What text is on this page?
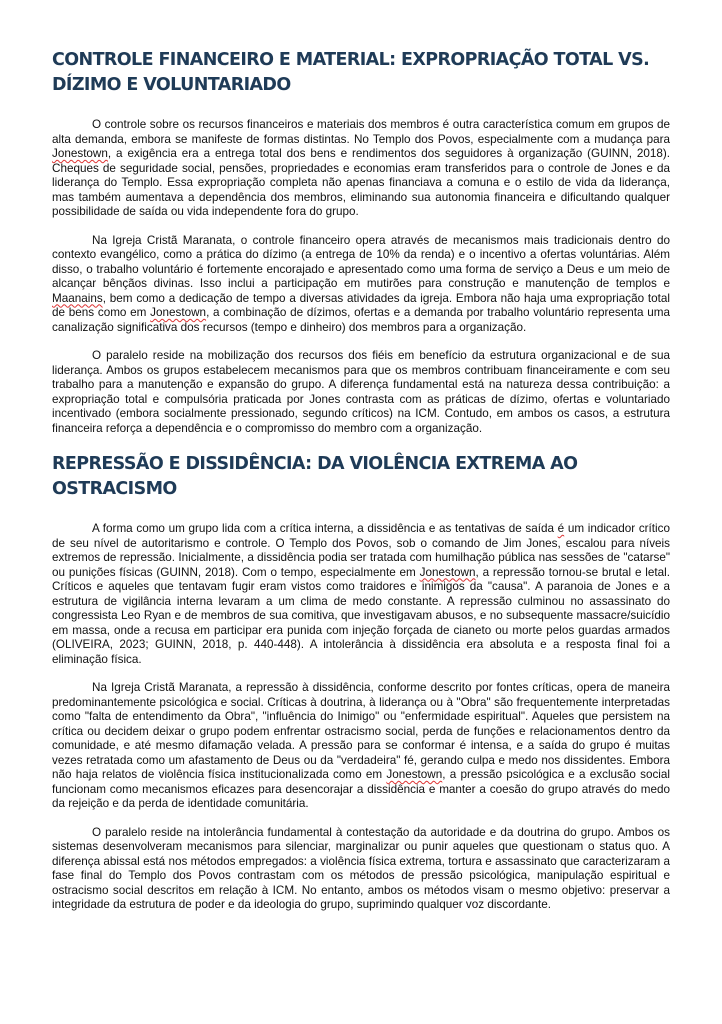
CONTROLE FINANCEIRO E MATERIAL: EXPROPRIAÇÃO TOTAL VS. DÍZIMO E VOLUNTARIADO

O controle sobre os recursos financeiros e materiais dos membros é outra característica comum em grupos de alta demanda, embora se manifeste de formas distintas. No Templo dos Povos, especialmente com a mudança para Jonestown, a exigência era a entrega total dos bens e rendimentos dos seguidores à organização (GUINN, 2018). Cheques de seguridade social, pensões, propriedades e economias eram transferidos para o controle de Jones e da liderança do Templo. Essa expropriação completa não apenas financiava a comuna e o estilo de vida da liderança, mas também aumentava a dependência dos membros, eliminando sua autonomia financeira e dificultando qualquer possibilidade de saída ou vida independente fora do grupo.

Na Igreja Cristã Maranata, o controle financeiro opera através de mecanismos mais tradicionais dentro do contexto evangélico, como a prática do dízimo (a entrega de 10% da renda) e o incentivo a ofertas voluntárias. Além disso, o trabalho voluntário é fortemente encorajado e apresentado como uma forma de serviço a Deus e um meio de alcançar bênçãos divinas. Isso inclui a participação em mutirões para construção e manutenção de templos e Maanains, bem como a dedicação de tempo a diversas atividades da igreja. Embora não haja uma expropriação total de bens como em Jonestown, a combinação de dízimos, ofertas e a demanda por trabalho voluntário representa uma canalização significativa dos recursos (tempo e dinheiro) dos membros para a organização.

O paralelo reside na mobilização dos recursos dos fiéis em benefício da estrutura organizacional e de sua liderança. Ambos os grupos estabelecem mecanismos para que os membros contribuam financeiramente e com seu trabalho para a manutenção e expansão do grupo. A diferença fundamental está na natureza dessa contribuição: a expropriação total e compulsória praticada por Jones contrasta com as práticas de dízimo, ofertas e voluntariado incentivado (embora socialmente pressionado, segundo críticos) na ICM. Contudo, em ambos os casos, a estrutura financeira reforça a dependência e o compromisso do membro com a organização.

REPRESSÃO E DISSIDÊNCIA: DA VIOLÊNCIA EXTREMA AO OSTRACISMO

A forma como um grupo lida com a crítica interna, a dissidência e as tentativas de saída é um indicador crítico de seu nível de autoritarismo e controle. O Templo dos Povos, sob o comando de Jim Jones, escalou para níveis extremos de repressão. Inicialmente, a dissidência podia ser tratada com humilhação pública nas sessões de "catarse" ou punições físicas (GUINN, 2018). Com o tempo, especialmente em Jonestown, a repressão tornou-se brutal e letal. Críticos e aqueles que tentavam fugir eram vistos como traidores e inimigos da "causa". A paranoia de Jones e a estrutura de vigilância interna levaram a um clima de medo constante. A repressão culminou no assassinato do congressista Leo Ryan e de membros de sua comitiva, que investigavam abusos, e no subsequente massacre/suicídio em massa, onde a recusa em participar era punida com injeção forçada de cianeto ou morte pelos guardas armados (OLIVEIRA, 2023; GUINN, 2018, p. 440-448). A intolerância à dissidência era absoluta e a resposta final foi a eliminação física.

Na Igreja Cristã Maranata, a repressão à dissidência, conforme descrito por fontes críticas, opera de maneira predominantemente psicológica e social. Críticas à doutrina, à liderança ou à "Obra" são frequentemente interpretadas como "falta de entendimento da Obra", "influência do Inimigo" ou "enfermidade espiritual". Aqueles que persistem na crítica ou decidem deixar o grupo podem enfrentar ostracismo social, perda de funções e relacionamentos dentro da comunidade, e até mesmo difamação velada. A pressão para se conformar é intensa, e a saída do grupo é muitas vezes retratada como um afastamento de Deus ou da "verdadeira" fé, gerando culpa e medo nos dissidentes. Embora não haja relatos de violência física institucionalizada como em Jonestown, a pressão psicológica e a exclusão social funcionam como mecanismos eficazes para desencorajar a dissidência e manter a coesão do grupo através do medo da rejeição e da perda de identidade comunitária.

O paralelo reside na intolerância fundamental à contestação da autoridade e da doutrina do grupo. Ambos os sistemas desenvolveram mecanismos para silenciar, marginalizar ou punir aqueles que questionam o status quo. A diferença abissal está nos métodos empregados: a violência física extrema, tortura e assassinato que caracterizaram a fase final do Templo dos Povos contrastam com os métodos de pressão psicológica, manipulação espiritual e ostracismo social descritos em relação à ICM. No entanto, ambos os métodos visam o mesmo objetivo: preservar a integridade da estrutura de poder e da ideologia do grupo, suprimindo qualquer voz discordante.
